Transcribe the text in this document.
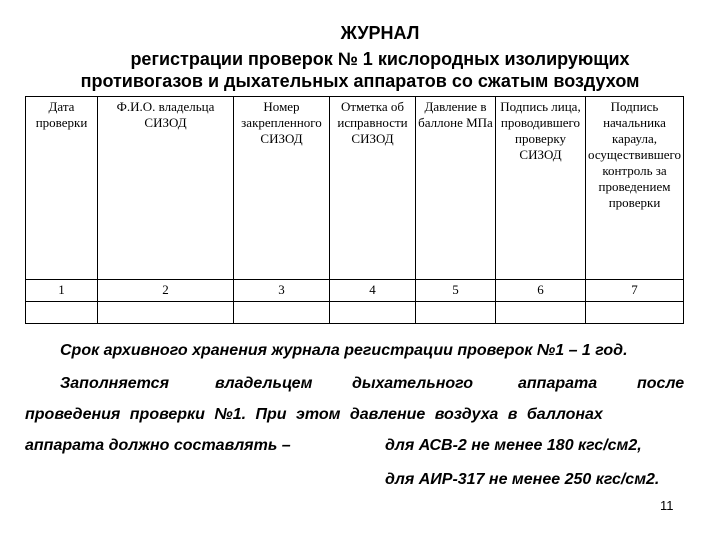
ЖУРНАЛ
регистрации проверок № 1 кислородных изолирующих
противогазов и дыхательных аппаратов со сжатым воздухом
Дата проверки	Ф.И.О. владельца СИЗОД	Номер закрепленного СИЗОД	Отметка об исправности СИЗОД	Давление в баллоне МПа	Подпись лица, проводившего проверку СИЗОД	Подпись начальника караула, осуществившего контроль за проведением проверки
1	2	3	4	5	6	7

Срок архивного хранения журнала регистрации проверок №1 – 1 год.
Заполняется	владельцем дыхательного	аппарата после
проведения проверки №1. При этом давление воздуха в баллонах
аппарата должно составлять –	для АСВ-2 не менее 180 кгс/см2,
для АИР-317 не менее 250 кгс/см2.
11
